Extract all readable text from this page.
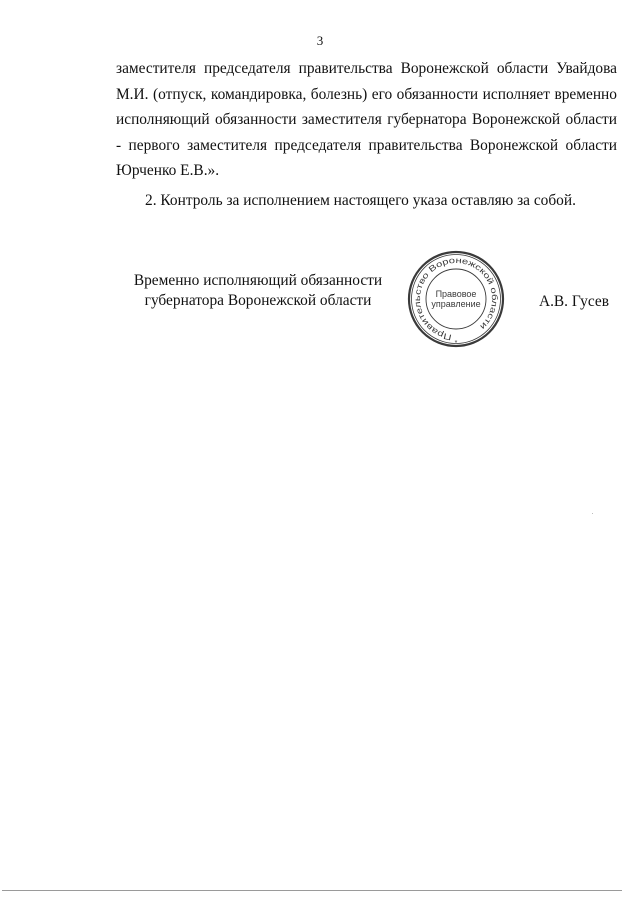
3

заместителя председателя правительства Воронежской области Увайдова М.И. (отпуск, командировка, болезнь) его обязанности исполняет временно исполняющий обязанности заместителя губернатора Воронежской области - первого заместителя председателя правительства Воронежской области Юрченко Е.В.».

2. Контроль за исполнением настоящего указа оставляю за собой.

Временно исполняющий обязанности
губернатора Воронежской области
Правительство Воронежской области
Правовое
управление
*
А.В. Гусев
